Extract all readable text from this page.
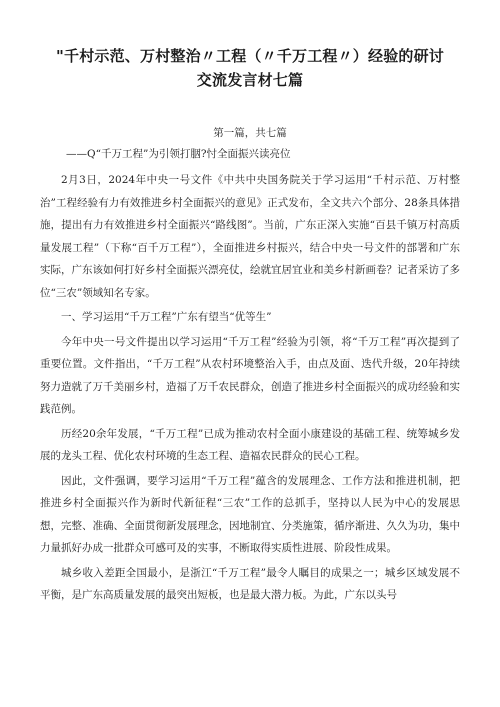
"千村示范、万村整治〃工程（〃千万工程〃）经验的研讨
交流发言材七篇
第一篇，共七篇
——Q“千万工程”为引领打胭?忖全面振兴读亮位

2月3日，2024年中央一号文件《中共中央国务院关于学习运用“千村示范、万村整治”工程经验有力有效推进乡村全面振兴的意见》正式发布，全文共六个部分、28条具体措施，提出有力有效推进乡村全面振兴“路线图”。当前，广东正深入实施“百县千镇万村高质量发展工程”（下称“百千万工程”），全面推进乡村振兴，结合中央一号文件的部署和广东实际，广东该如何打好乡村全面振兴漂亮仗，绘就宜居宜业和美乡村新画卷？记者采访了多位“三农”领域知名专家。

一、学习运用“千万工程”广东有望当“优等生”

今年中央一号文件提出以学习运用“千万工程”经验为引领，将“千万工程”再次提到了重要位置。文件指出，“千万工程”从农村环境整治入手，由点及面、迭代升级，20年持续努力造就了万千美丽乡村，造福了万千农民群众，创造了推进乡村全面振兴的成功经验和实践范例。

历经20余年发展，“千万工程”已成为推动农村全面小康建设的基础工程、统筹城乡发展的龙头工程、优化农村环境的生态工程、造福农民群众的民心工程。

因此，文件强调，要学习运用“千万工程”蕴含的发展理念、工作方法和推进机制，把推进乡村全面振兴作为新时代新征程“三农”工作的总抓手，坚持以人民为中心的发展思想，完整、准确、全面贯彻新发展理念，因地制宜、分类施策，循序渐进、久久为功，集中力量抓好办成一批群众可感可及的实事，不断取得实质性进展、阶段性成果。

城乡收入差距全国最小，是浙江“千万工程”最令人瞩目的成果之一；城乡区域发展不平衡，是广东高质量发展的最突出短板，也是最大潜力板。为此，广东以头号
